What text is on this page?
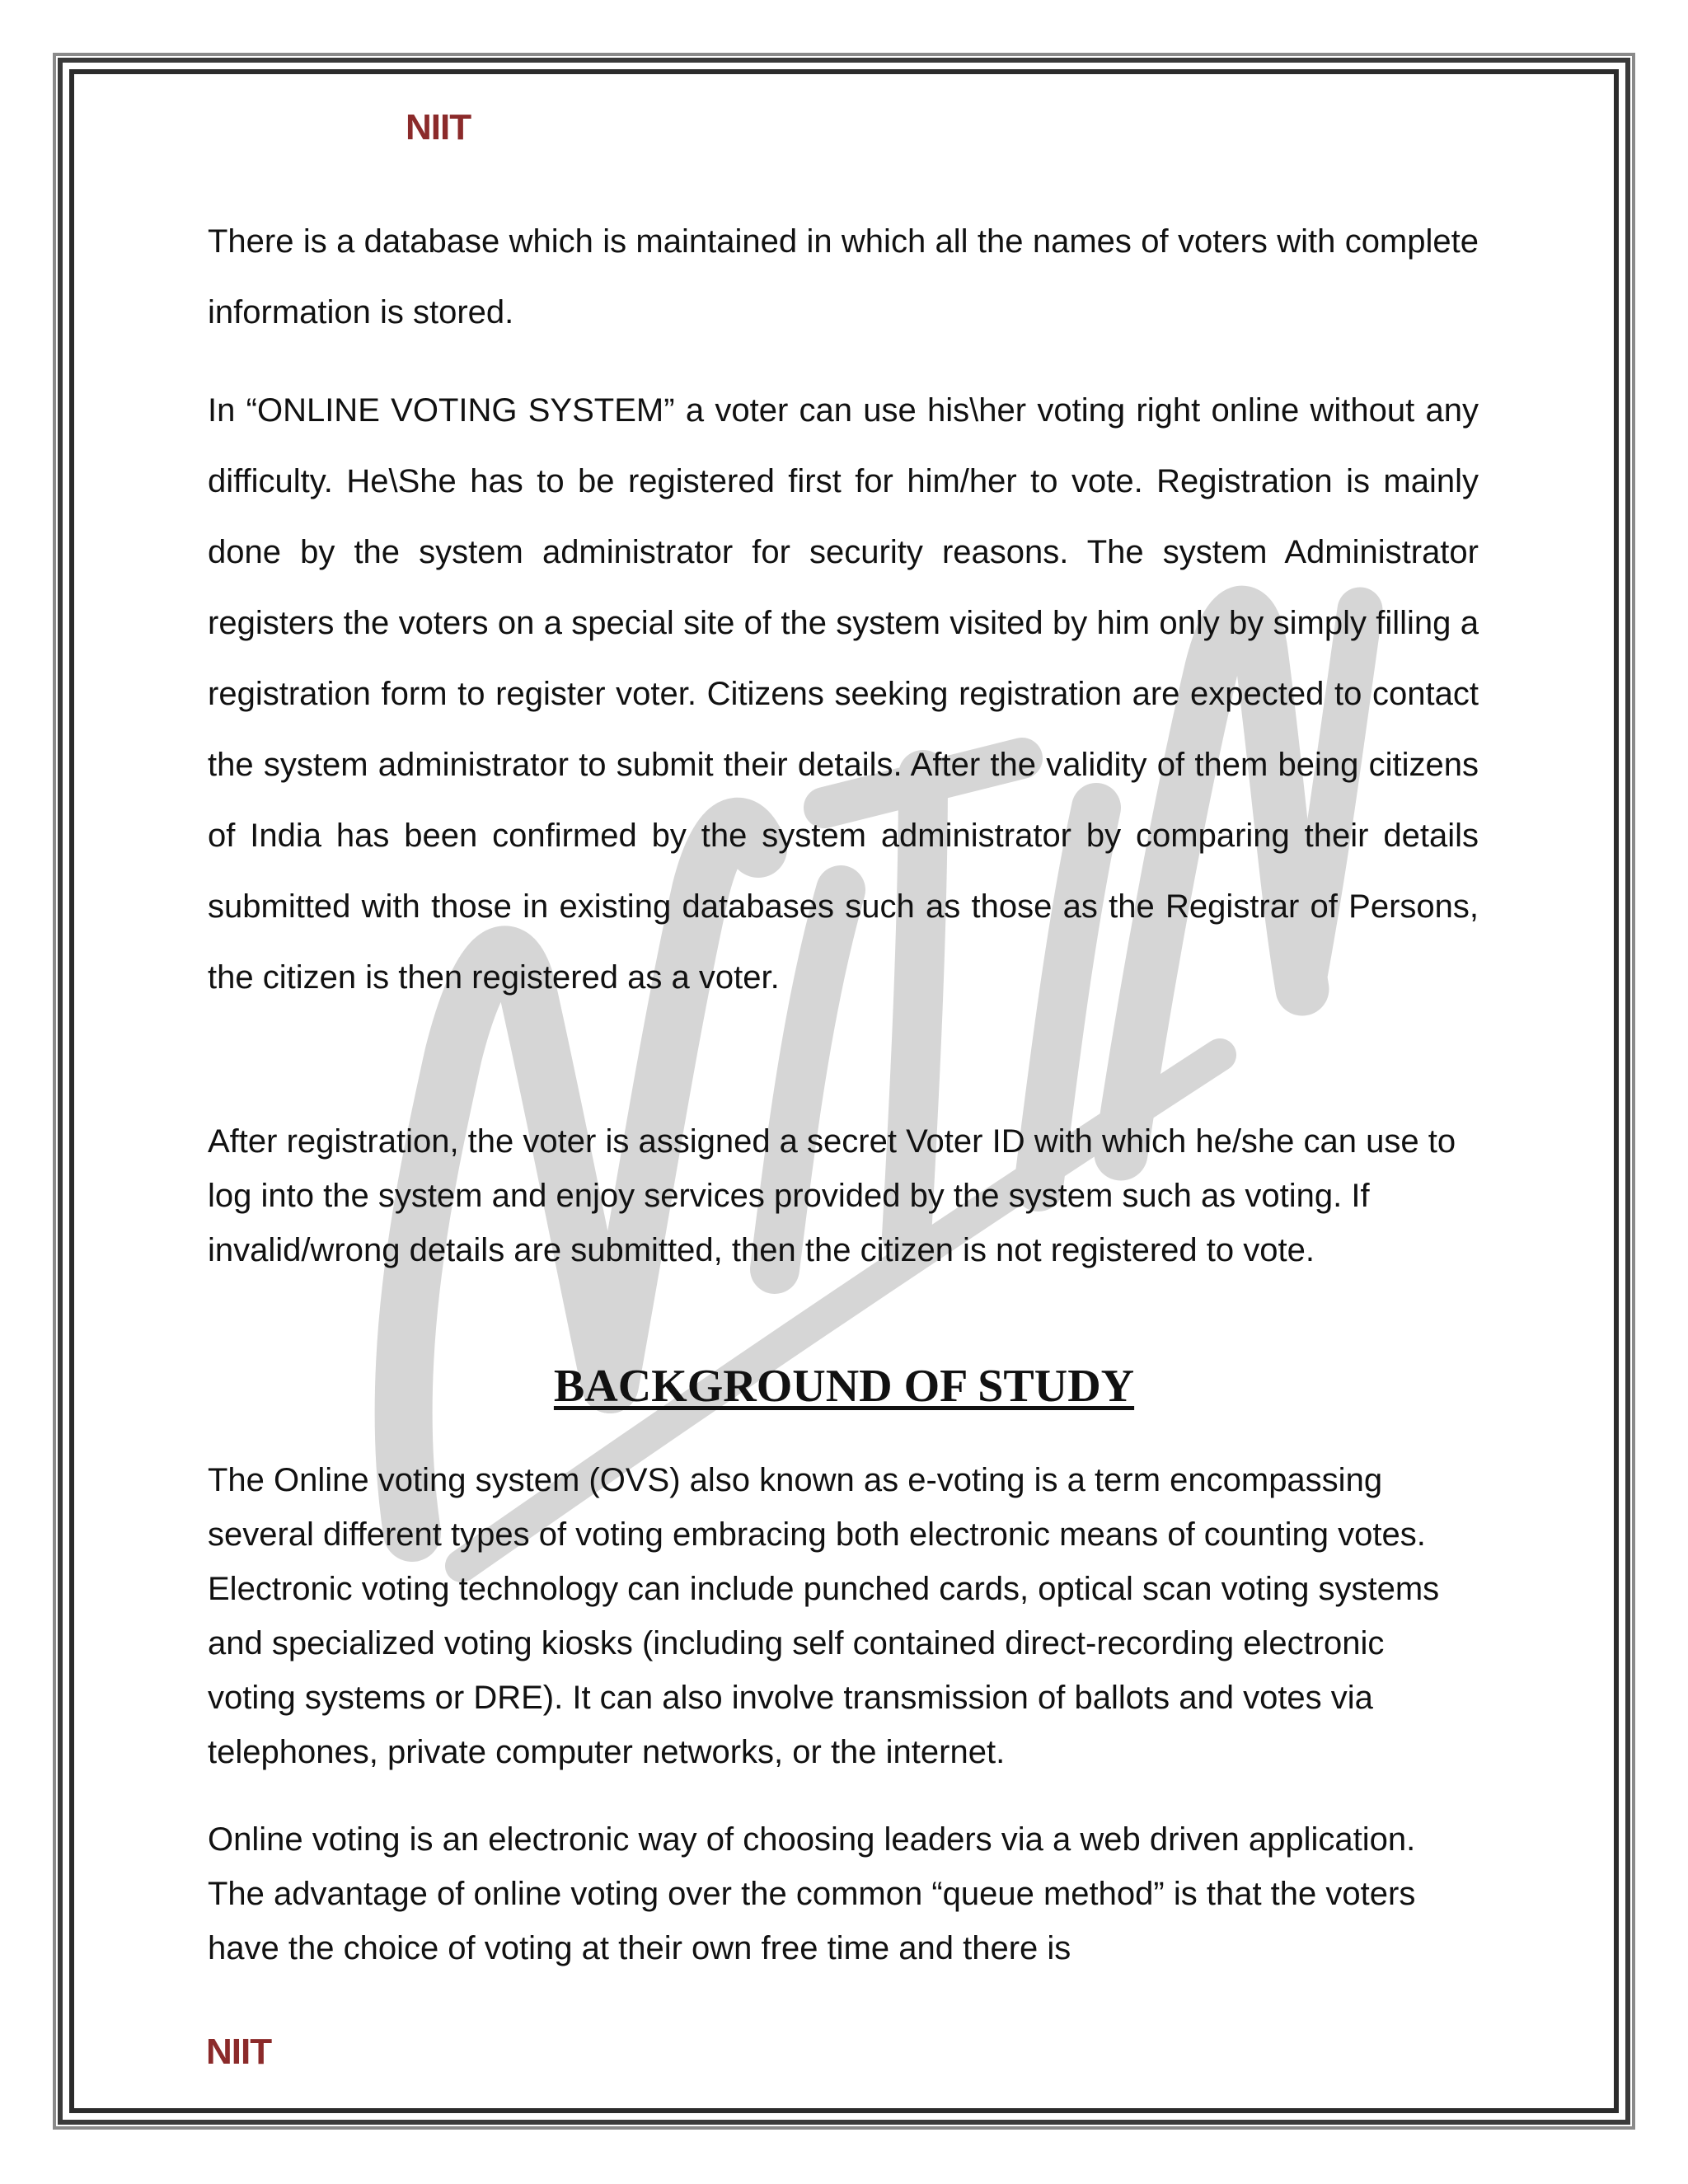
NIIT

There is a database which is maintained in which all the names of voters with complete information is stored.

In “ONLINE VOTING SYSTEM” a voter can use his\her voting right online without any difficulty. He\She has to be registered first for him/her to vote. Registration is mainly done by the system administrator for security reasons. The system Administrator registers the voters on a special site of the system visited by him only by simply filling a registration form to register voter. Citizens seeking registration are expected to contact the system administrator to submit their details. After the validity of them being citizens of India has been confirmed by the system administrator by comparing their details submitted with those in existing databases such as those as the Registrar of Persons, the citizen is then registered as a voter.

After registration, the voter is assigned a secret Voter ID with which he/she can use to log into the system and enjoy services provided by the system such as voting. If invalid/wrong details are submitted, then the citizen is not registered to vote.

BACKGROUND OF STUDY

The Online voting system (OVS) also known as e-voting is a term encompassing several different types of voting embracing both electronic means of counting votes. Electronic voting technology can include punched cards, optical scan voting systems and specialized voting kiosks (including self contained direct-recording electronic voting systems or DRE). It can also involve transmission of ballots and votes via telephones, private computer networks, or the internet.

Online voting is an electronic way of choosing leaders via a web driven application. The advantage of online voting over the common “queue method” is that the voters have the choice of voting at their own free time and there is

NIIT
